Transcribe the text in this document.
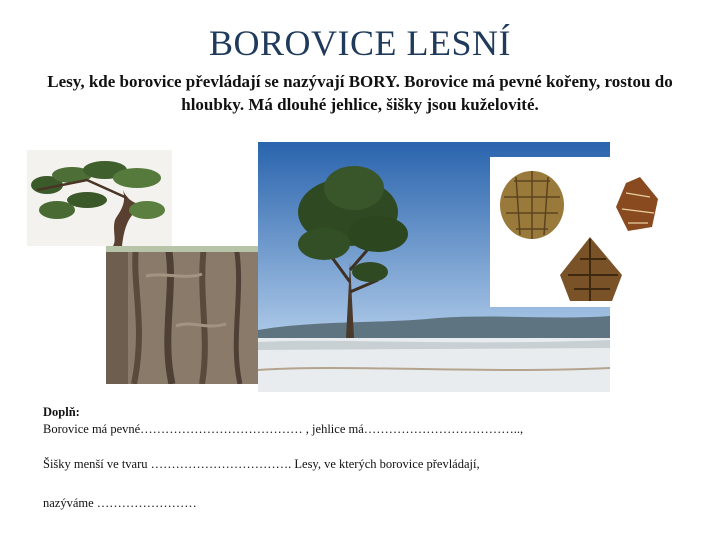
BOROVICE LESNÍ
Lesy, kde borovice převládají se nazývají BORY. Borovice má pevné kořeny, rostou do hloubky. Má dlouhé jehlice, šišky jsou kuželovité.
Doplň:
Borovice má pevné………………………………… , jehlice má………………………………..,
Šišky menší ve tvaru ……………………………. Lesy, ve kterých borovice převládají,
nazýváme ……………………
